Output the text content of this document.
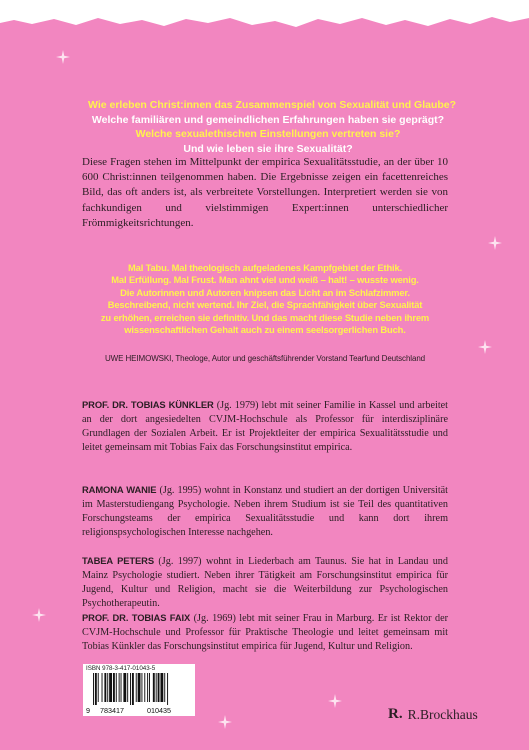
Wie erleben Christ:innen das Zusammenspiel von Sexualität und Glaube?
Welche familiären und gemeindlichen Erfahrungen haben sie geprägt?
Welche sexualethischen Einstellungen vertreten sie?
Und wie leben sie ihre Sexualität?
Diese Fragen stehen im Mittelpunkt der empirica Sexualitätsstudie, an der über 10 600 Christ:innen teilgenommen haben. Die Ergebnisse zeigen ein facettenreiches Bild, das oft anders ist, als verbreitete Vorstellungen. Interpretiert werden sie von fachkundigen und vielstimmigen Expert:innen unterschiedlicher Frömmigkeitsrichtungen.
Mal Tabu. Mal theologisch aufgeladenes Kampfgebiet der Ethik.
Mal Erfüllung. Mal Frust. Man ahnt viel und weiß – halt! – wusste wenig.
Die Autorinnen und Autoren knipsen das Licht an im Schlafzimmer.
Beschreibend, nicht wertend. Ihr Ziel, die Sprachfähigkeit über Sexualität
zu erhöhen, erreichen sie definitiv. Und das macht diese Studie neben ihrem
wissenschaftlichen Gehalt auch zu einem seelsorgerlichen Buch.
UWE HEIMOWSKI, Theologe, Autor und geschäftsführender Vorstand Tearfund Deutschland
PROF. DR. TOBIAS KÜNKLER (Jg. 1979) lebt mit seiner Familie in Kassel und arbeitet an der dort angesiedelten CVJM-Hochschule als Professor für interdisziplinäre Grundlagen der Sozialen Arbeit. Er ist Projektleiter der empirica Sexualitätsstudie und leitet gemeinsam mit Tobias Faix das Forschungsinstitut empirica.
RAMONA WANIE (Jg. 1995) wohnt in Konstanz und studiert an der dortigen Universität im Masterstudiengang Psychologie. Neben ihrem Studium ist sie Teil des quantitativen Forschungsteams der empirica Sexualitätsstudie und kann dort ihrem religionspsychologischen Interesse nachgehen.
TABEA PETERS (Jg. 1997) wohnt in Liederbach am Taunus. Sie hat in Landau und Mainz Psychologie studiert. Neben ihrer Tätigkeit am Forschungsinstitut empirica für Jugend, Kultur und Religion, macht sie die Weiterbildung zur Psychologischen Psychotherapeutin.
PROF. DR. TOBIAS FAIX (Jg. 1969) lebt mit seiner Frau in Marburg. Er ist Rektor der CVJM-Hochschule und Professor für Praktische Theologie und leitet gemeinsam mit Tobias Künkler das Forschungsinstitut empirica für Jugend, Kultur und Religion.
ISBN 978-3-417-01043-5
9 783417	010435	R. R.Brockhaus
